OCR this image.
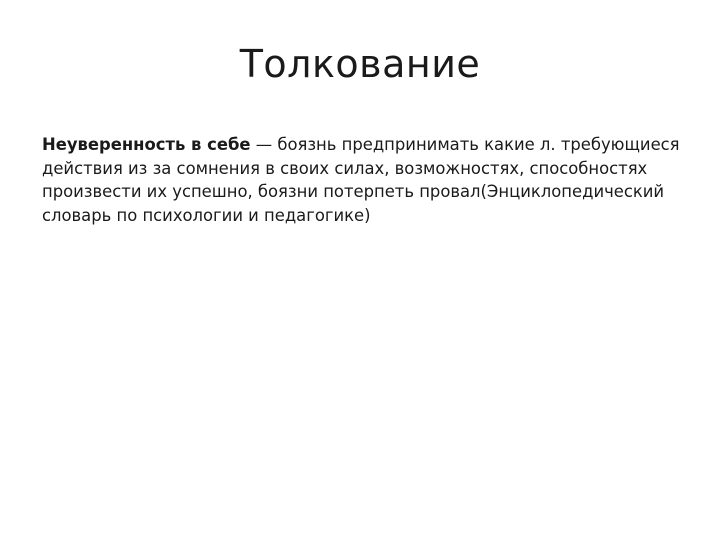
Толкование

Неуверенность в себе — боязнь предпринимать какие л. требующиеся действия из за сомнения в своих силах, возможностях, способностях произвести их успешно, боязни потерпеть провал(Энциклопедический словарь по психологии и педагогике)
